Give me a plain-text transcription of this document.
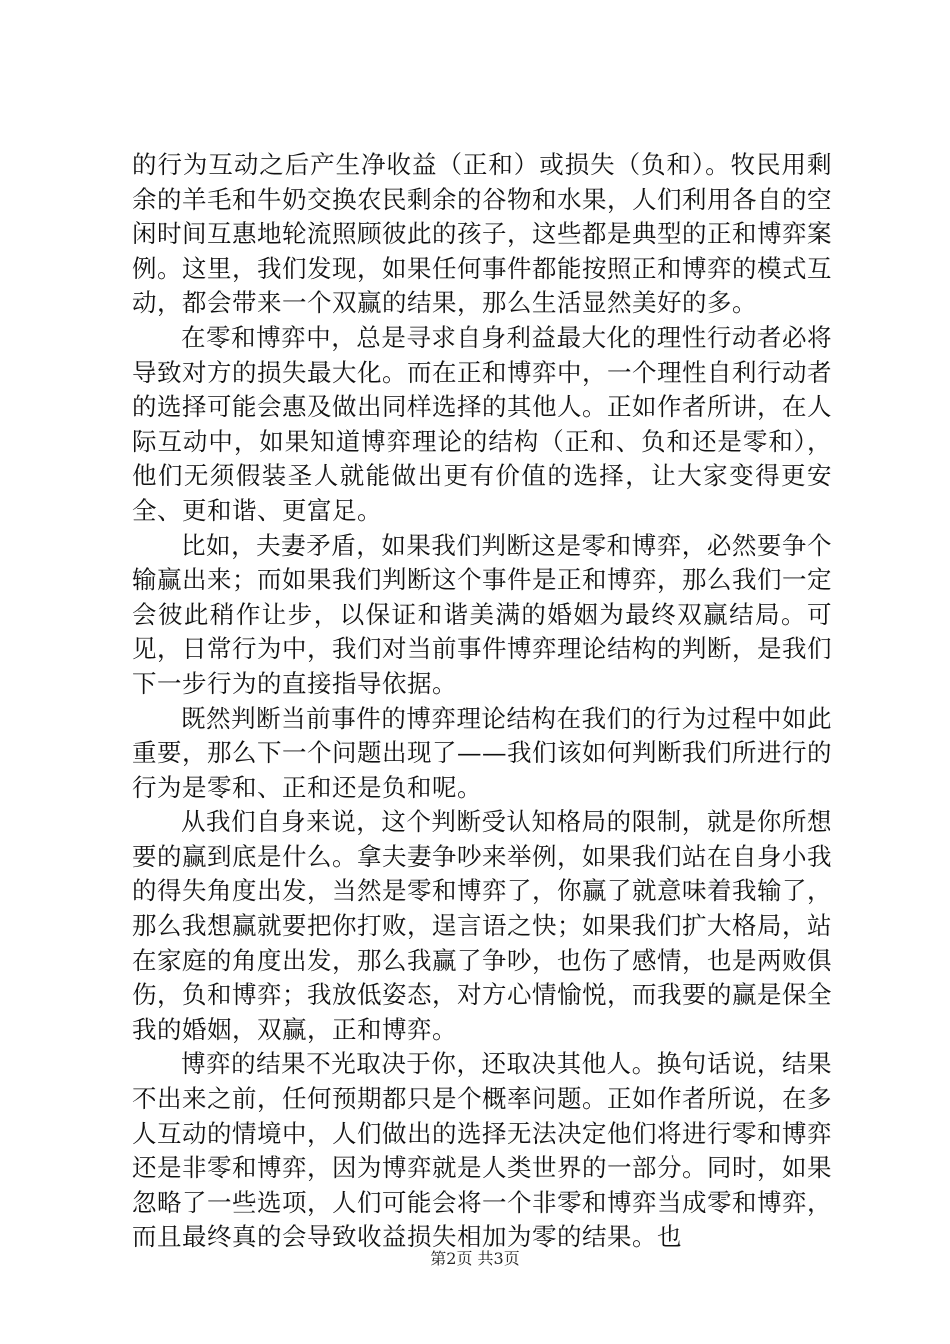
的行为互动之后产生净收益（正和）或损失（负和）。牧民用剩余的羊毛和牛奶交换农民剩余的谷物和水果，人们利用各自的空闲时间互惠地轮流照顾彼此的孩子，这些都是典型的正和博弈案例。这里，我们发现，如果任何事件都能按照正和博弈的模式互动，都会带来一个双赢的结果，那么生活显然美好的多。

在零和博弈中，总是寻求自身利益最大化的理性行动者必将导致对方的损失最大化。而在正和博弈中，一个理性自利行动者的选择可能会惠及做出同样选择的其他人。正如作者所讲，在人际互动中，如果知道博弈理论的结构（正和、负和还是零和），他们无须假装圣人就能做出更有价值的选择，让大家变得更安全、更和谐、更富足。

比如，夫妻矛盾，如果我们判断这是零和博弈，必然要争个输赢出来；而如果我们判断这个事件是正和博弈，那么我们一定会彼此稍作让步，以保证和谐美满的婚姻为最终双赢结局。可见，日常行为中，我们对当前事件博弈理论结构的判断，是我们下一步行为的直接指导依据。

既然判断当前事件的博弈理论结构在我们的行为过程中如此重要，那么下一个问题出现了——我们该如何判断我们所进行的行为是零和、正和还是负和呢。

从我们自身来说，这个判断受认知格局的限制，就是你所想要的赢到底是什么。拿夫妻争吵来举例，如果我们站在自身小我的得失角度出发，当然是零和博弈了，你赢了就意味着我输了，那么我想赢就要把你打败，逞言语之快；如果我们扩大格局，站在家庭的角度出发，那么我赢了争吵，也伤了感情，也是两败俱伤，负和博弈；我放低姿态，对方心情愉悦，而我要的赢是保全我的婚姻，双赢，正和博弈。

博弈的结果不光取决于你，还取决其他人。换句话说，结果不出来之前，任何预期都只是个概率问题。正如作者所说，在多人互动的情境中，人们做出的选择无法决定他们将进行零和博弈还是非零和博弈，因为博弈就是人类世界的一部分。同时，如果忽略了一些选项，人们可能会将一个非零和博弈当成零和博弈，而且最终真的会导致收益损失相加为零的结果。也

第2页 共3页
